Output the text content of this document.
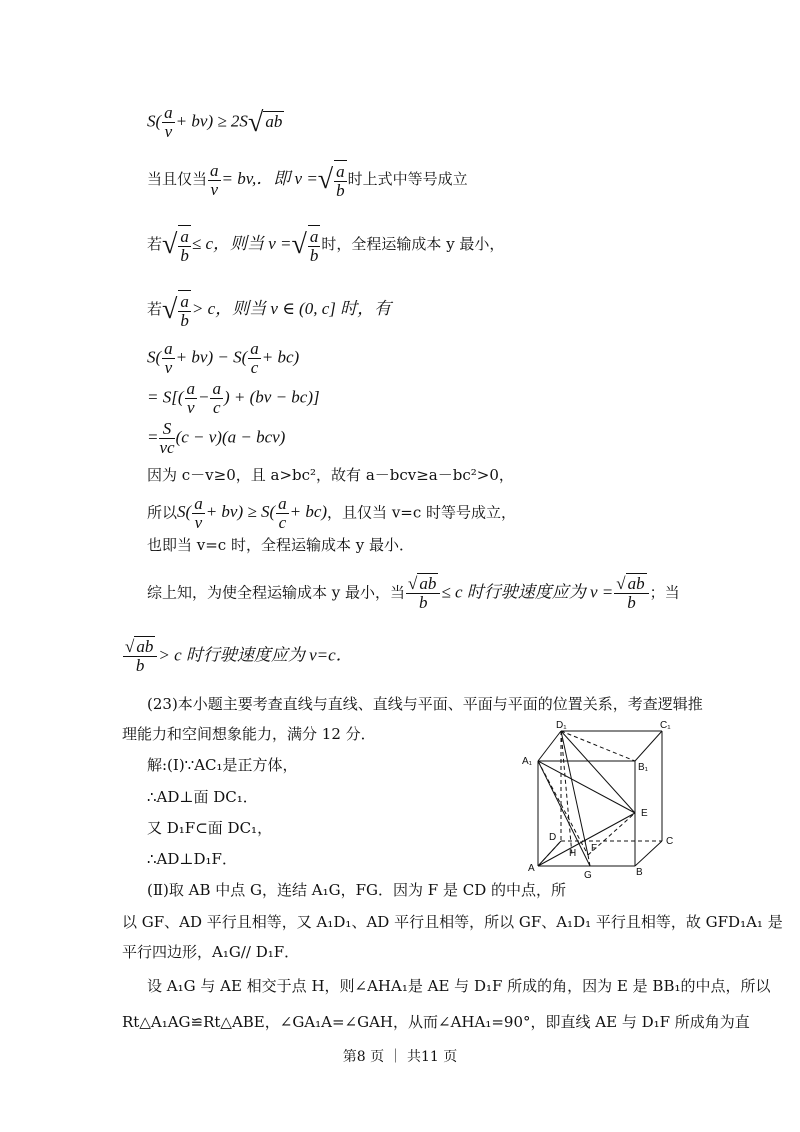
$S( \frac{a}{v} + bv) \ge 2S√$ ab
当且仅当 $\frac{a}{v}$ = bv,．即 v =√ $\frac{a}{b}$ 时上式中等号成立
若√ $\frac{a}{b} \le c$，则当 v =√ $\frac{a}{b}$ 时，全程运输成本 y 最小，
若√ $\frac{a}{b} > c$，则当 v ∈ (0, c] 时，有
$S( \frac{a}{v} + bv) - S( \frac{a}{c} + bc)$
= $S[( \frac{a}{v} - \frac{a}{c}$ ) + (bv − bc)]
= $\frac{S}{vc} (c - v)(a - bcv)$
因为 c－v≥0，且 a>bc²，故有 a－bcv≥a－bc²>0，
所以$S( \frac{a}{v} + bv) \ge S( \frac{a}{c} + bc)$，且仅当 v=c 时等号成立，
也即当 v=c 时，全程运输成本 y 最小．
综上知，为使全程运输成本 y 最小，当 $\frac{√ ab}{b} \le c$ 时行驶速度应为 $v = \frac{√ ab}{b}$ ；当
$\frac{√ ab}{b} > c$ 时行驶速度应为 v=c．
(23)本小题主要考查直线与直线、直线与平面、平面与平面的位置关系，考查逻辑推
理能力和空间想象能力，满分 12 分．
解:(Ⅰ)∵AC₁是正方体，
∴AD⊥面 DC₁．
又 D₁F⊂面 DC₁，
∴AD⊥D₁F．
(Ⅱ)取 AB 中点 G，连结 A₁G，FG．因为 F 是 CD 的中点，所
以 GF、AD 平行且相等，又 A₁D₁、AD 平行且相等，所以 GF、A₁D₁ 平行且相等，故 GFD₁A₁ 是
平行四边形，A₁G// D₁F．
设 A₁G 与 AE 相交于点 H，则∠AHA₁是 AE 与 D₁F 所成的角，因为 E 是 BB₁的中点，所以
Rt△A₁AG≌Rt△ABE，∠GA₁A=∠GAH，从而∠AHA₁=90°，即直线 AE 与 D₁F 所成角为直
D₁	C₁
A₁
B₁
E
D	C
H F
A
G	B
第8 页 ｜ 共11 页
